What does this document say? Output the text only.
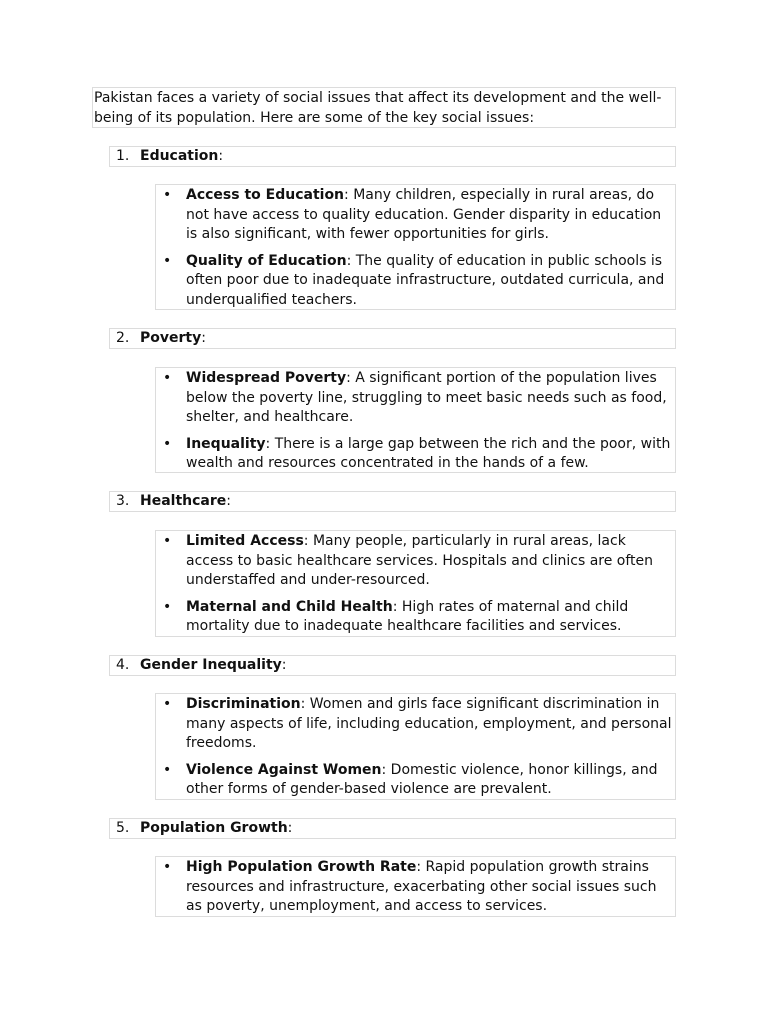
Pakistan faces a variety of social issues that affect its development and the well-being of its population. Here are some of the key social issues:
1. Education:
• Access to Education: Many children, especially in rural areas, do not have access to quality education. Gender disparity in education is also significant, with fewer opportunities for girls.
• Quality of Education: The quality of education in public schools is often poor due to inadequate infrastructure, outdated curricula, and underqualified teachers.
2. Poverty:
• Widespread Poverty: A significant portion of the population lives below the poverty line, struggling to meet basic needs such as food, shelter, and healthcare.
• Inequality: There is a large gap between the rich and the poor, with wealth and resources concentrated in the hands of a few.
3. Healthcare:
• Limited Access: Many people, particularly in rural areas, lack access to basic healthcare services. Hospitals and clinics are often understaffed and under-resourced.
• Maternal and Child Health: High rates of maternal and child mortality due to inadequate healthcare facilities and services.
4. Gender Inequality:
• Discrimination: Women and girls face significant discrimination in many aspects of life, including education, employment, and personal freedoms.
• Violence Against Women: Domestic violence, honor killings, and other forms of gender-based violence are prevalent.
5. Population Growth:
• High Population Growth Rate: Rapid population growth strains resources and infrastructure, exacerbating other social issues such as poverty, unemployment, and access to services.
